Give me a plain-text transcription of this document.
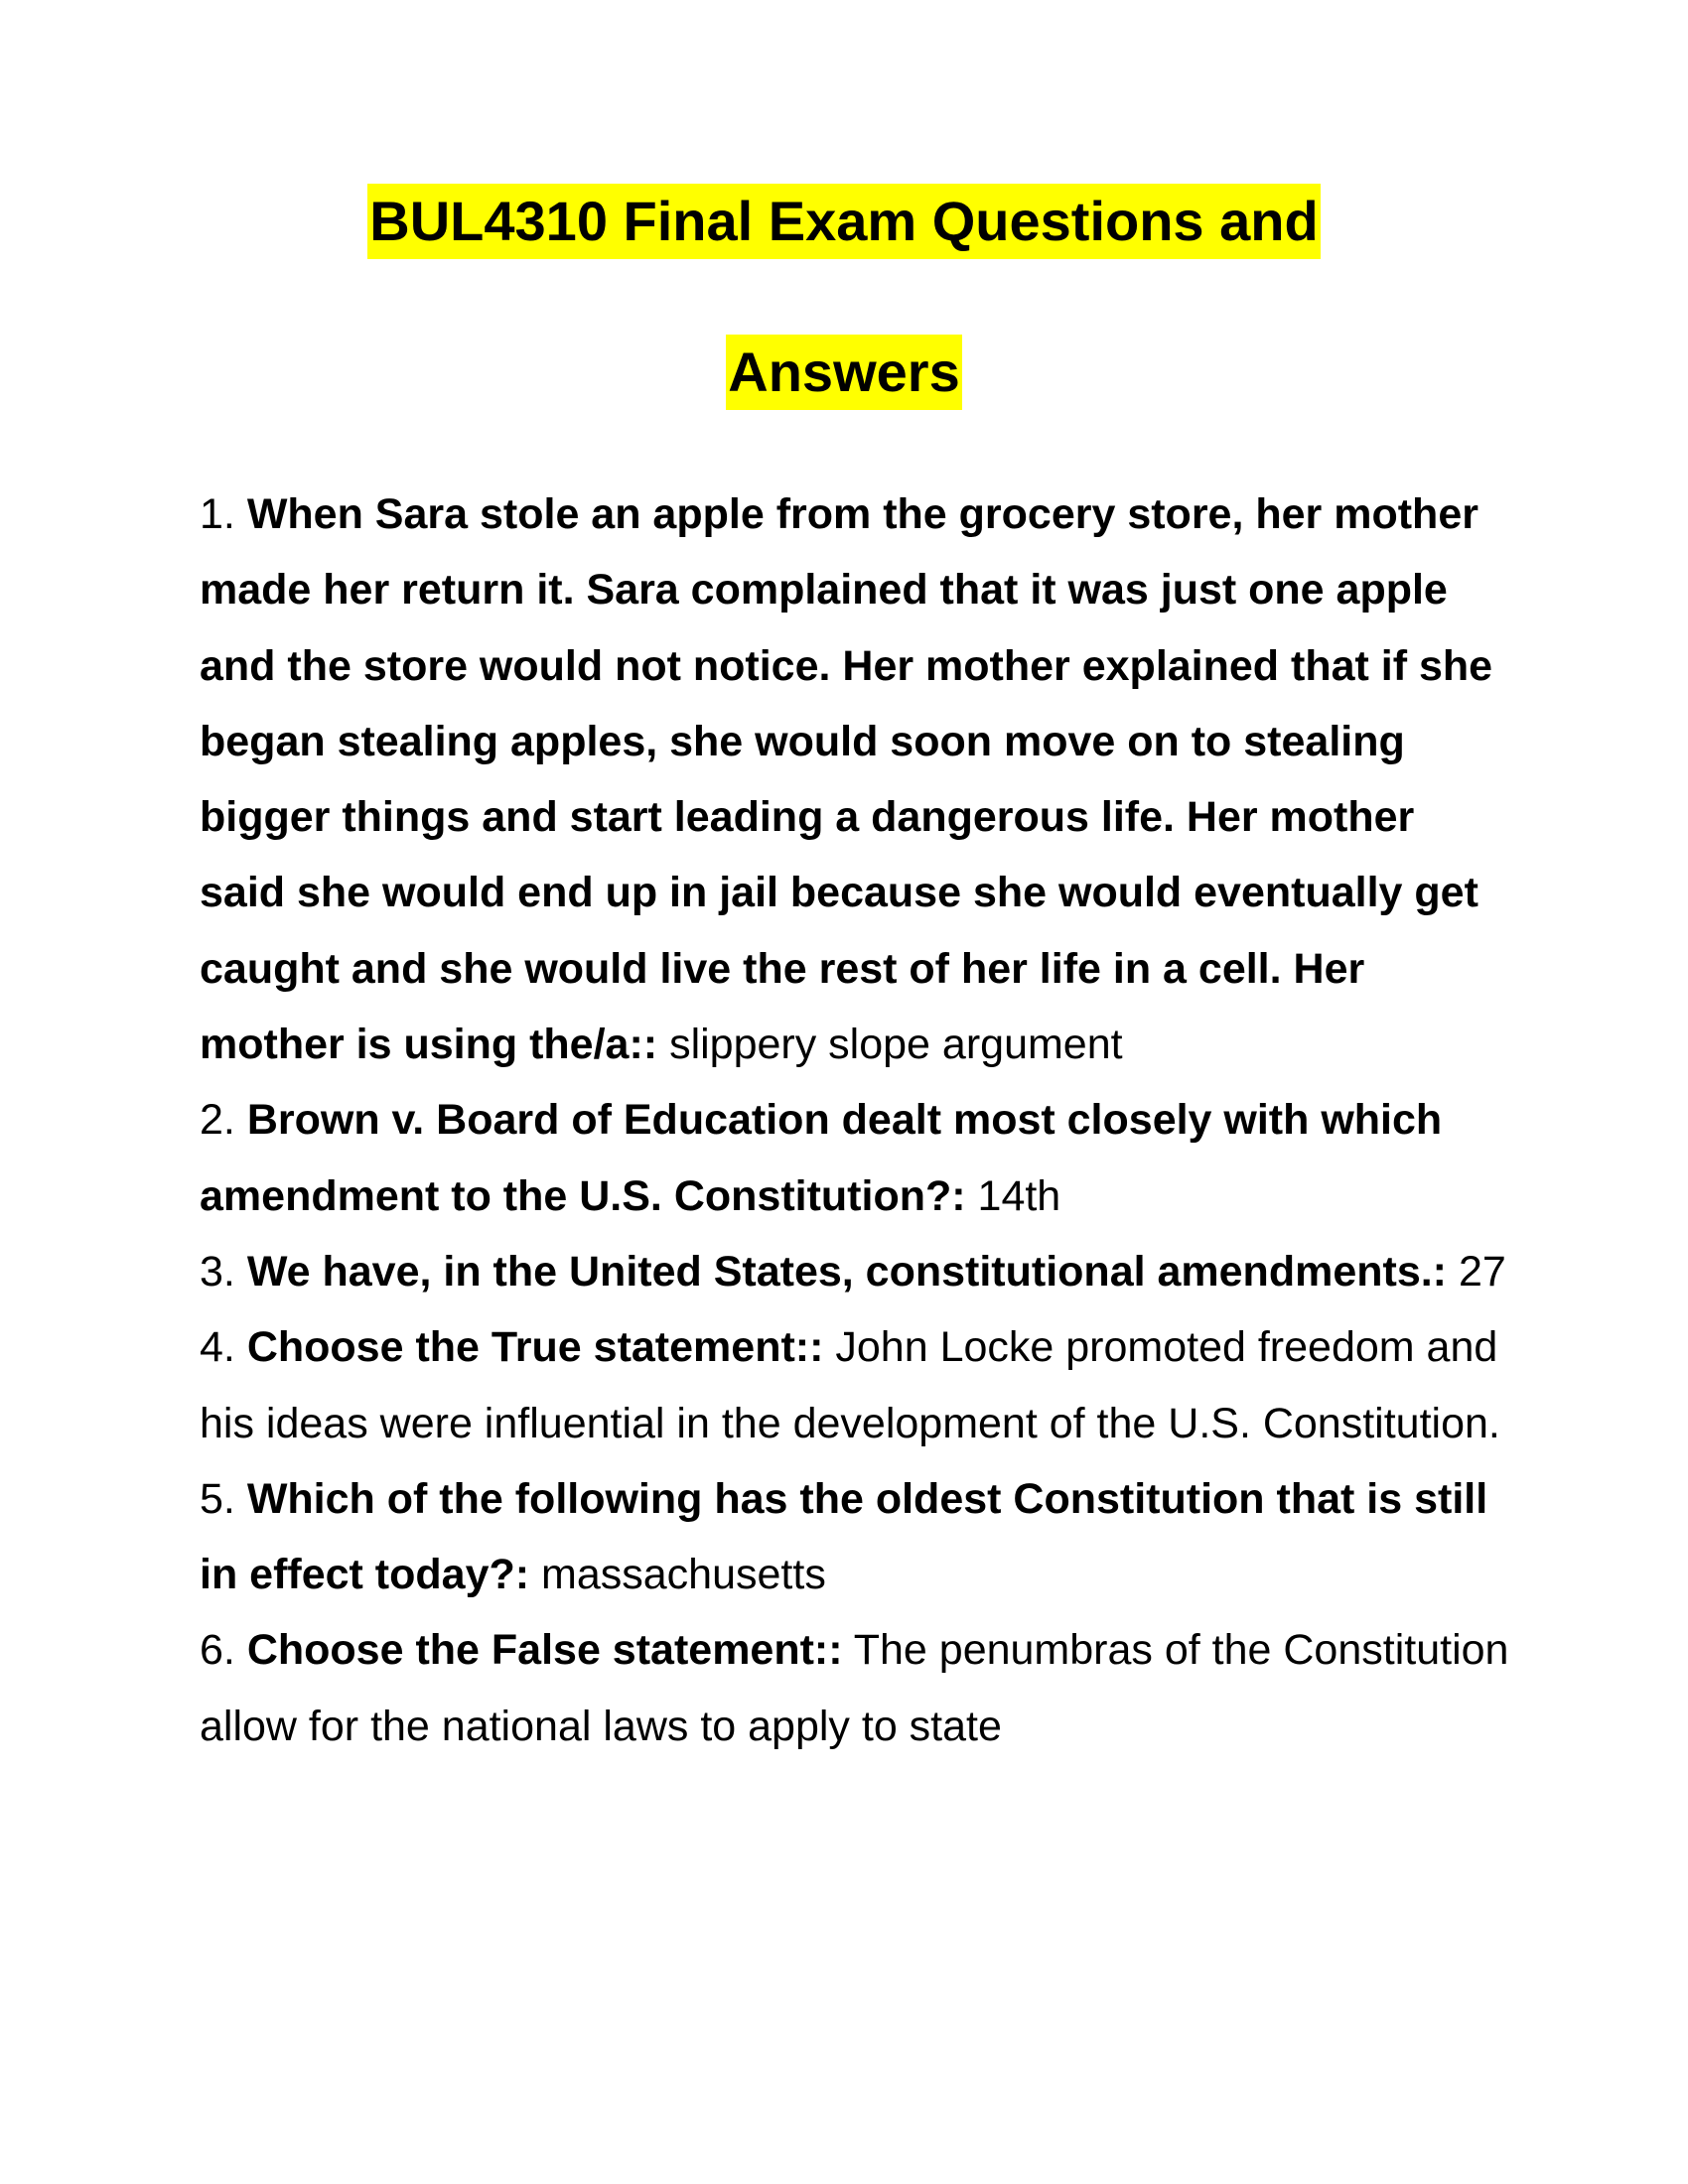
BUL4310 Final Exam Questions and
Answers

1. When Sara stole an apple from the grocery store, her mother made her return it. Sara complained that it was just one apple and the store would not notice. Her mother explained that if she began stealing apples, she would soon move on to stealing bigger things and start leading a dangerous life. Her mother said she would end up in jail because she would eventually get caught and she would live the rest of her life in a cell. Her mother is using the/a:: slippery slope argument

2. Brown v. Board of Education dealt most closely with which amendment to the U.S. Constitution?: 14th

3. We have, in the United States, constitutional amendments.: 27

4. Choose the True statement:: John Locke promoted freedom and his ideas were influential in the development of the U.S. Constitution.

5. Which of the following has the oldest Constitution that is still in effect today?: massachusetts

6. Choose the False statement:: The penumbras of the Constitution allow for the national laws to apply to state
